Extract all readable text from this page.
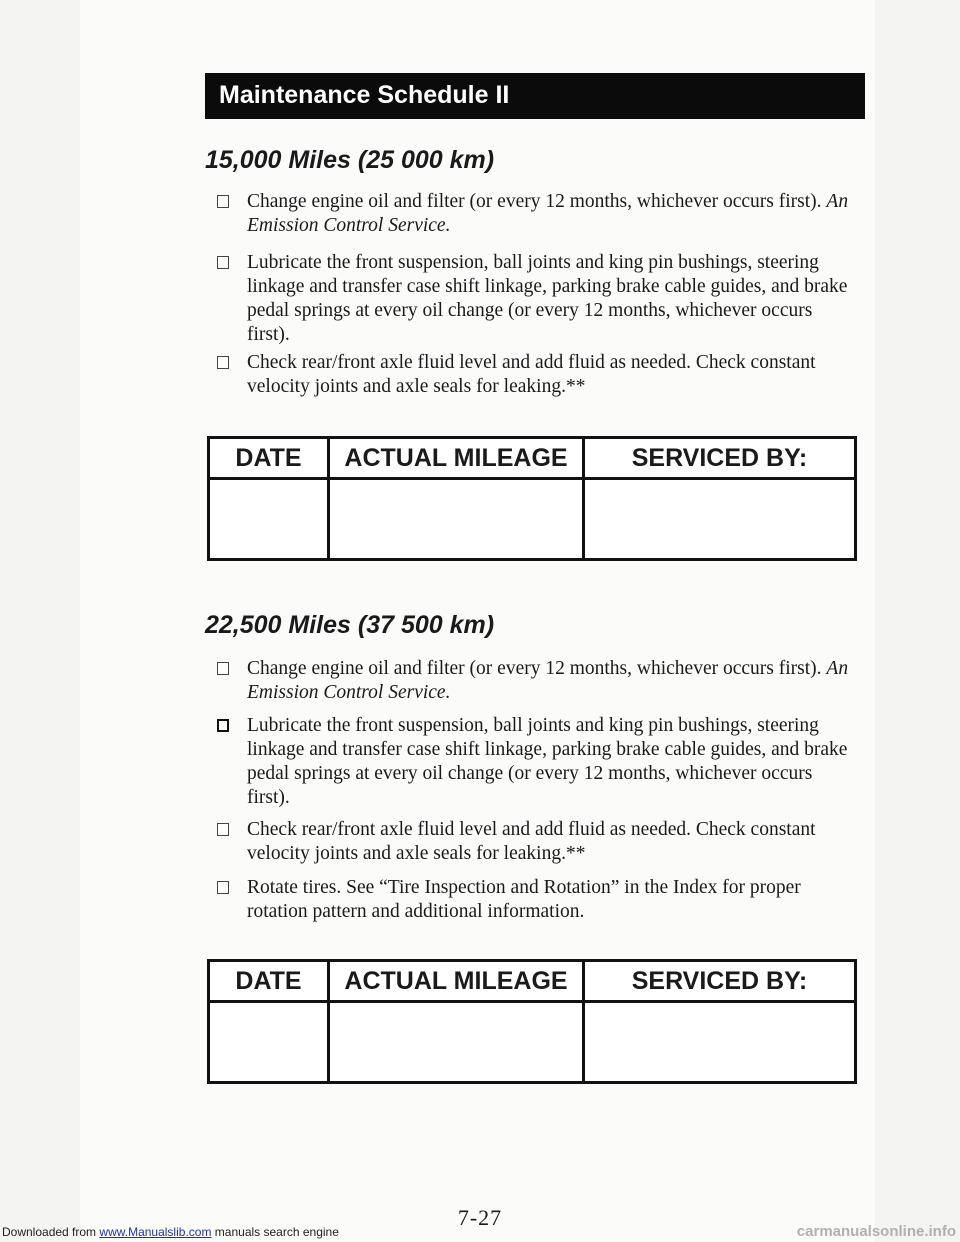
Maintenance Schedule II
15,000 Miles (25 000 km)
Change engine oil and filter (or every 12 months, whichever occurs first). An Emission Control Service.
Lubricate the front suspension, ball joints and king pin bushings, steering linkage and transfer case shift linkage, parking brake cable guides, and brake pedal springs at every oil change (or every 12 months, whichever occurs first).
Check rear/front axle fluid level and add fluid as needed. Check constant velocity joints and axle seals for leaking.**
DATE	ACTUAL MILEAGE	SERVICED BY:
22,500 Miles (37 500 km)
Change engine oil and filter (or every 12 months, whichever occurs first). An Emission Control Service.
Lubricate the front suspension, ball joints and king pin bushings, steering linkage and transfer case shift linkage, parking brake cable guides, and brake pedal springs at every oil change (or every 12 months, whichever occurs first).
Check rear/front axle fluid level and add fluid as needed. Check constant velocity joints and axle seals for leaking.**
Rotate tires. See “Tire Inspection and Rotation” in the Index for proper rotation pattern and additional information.
DATE	ACTUAL MILEAGE	SERVICED BY:
7-27
Downloaded from www.Manualslib.com manuals search engine	carmanualsonline.info
